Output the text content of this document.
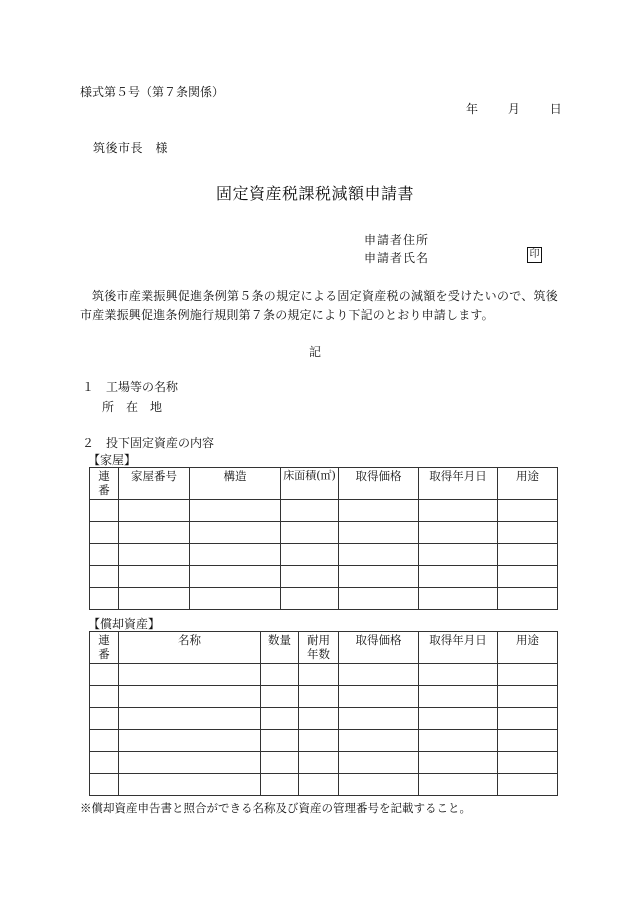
様式第５号（第７条関係）
年 月 日
筑後市長　様
固定資産税課税減額申請書
申請者住所
申請者氏名	印
筑後市産業振興促進条例第５条の規定による固定資産税の減額を受けたいので、筑後市産業振興促進条例施行規則第７条の規定により下記のとおり申請します。
記
１　工場等の名称
所在地
２　投下固定資産の内容
【家屋】
連番	家屋番号	構造	床面積(㎡)	取得価格	取得年月日	用途

【償却資産】
連番	名称	数量	耐用年数	取得価格	取得年月日	用途

※償却資産申告書と照合ができる名称及び資産の管理番号を記載すること。
